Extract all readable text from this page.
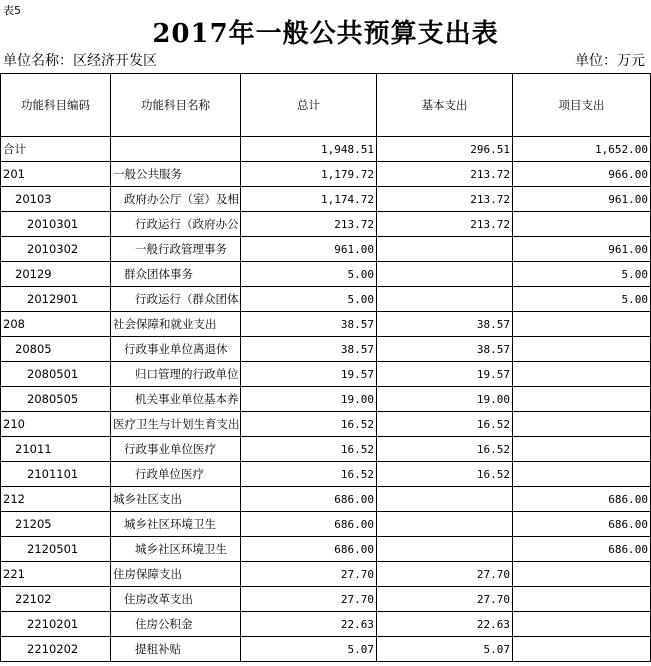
表5
2017年一般公共预算支出表
单位名称：区经济开发区	单位：万元
功能科目编码	功能科目名称	总计	基本支出	项目支出
合计		1,948.51	296.51	1,652.00
201	一般公共服务	1,179.72	213.72	966.00
20103	政府办公厅（室）及相	1,174.72	213.72	961.00
2010301	行政运行（政府办公	213.72	213.72	
2010302	一般行政管理事务	961.00		961.00
20129	群众团体事务	5.00		5.00
2012901	行政运行（群众团体	5.00		5.00
208	社会保障和就业支出	38.57	38.57	
20805	行政事业单位离退休	38.57	38.57	
2080501	归口管理的行政单位	19.57	19.57	
2080505	机关事业单位基本养	19.00	19.00	
210	医疗卫生与计划生育支出	16.52	16.52	
21011	行政事业单位医疗	16.52	16.52	
2101101	行政单位医疗	16.52	16.52	
212	城乡社区支出	686.00		686.00
21205	城乡社区环境卫生	686.00		686.00
2120501	城乡社区环境卫生	686.00		686.00
221	住房保障支出	27.70	27.70	
22102	住房改革支出	27.70	27.70	
2210201	住房公积金	22.63	22.63	
2210202	提租补贴	5.07	5.07	
